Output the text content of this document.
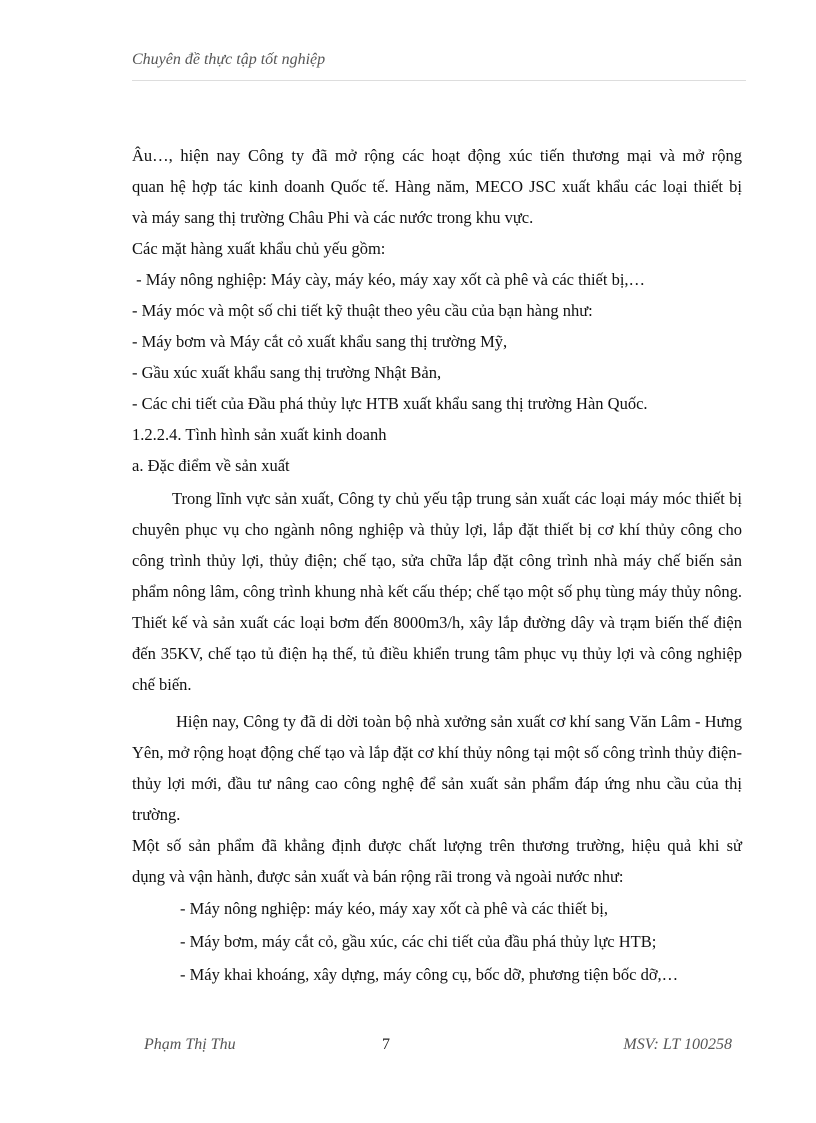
Chuyên đề thực tập tốt nghiệp
Âu…, hiện nay Công ty đã mở rộng các hoạt động xúc tiến thương mại và mở rộng
quan hệ hợp tác kinh doanh Quốc tế. Hàng năm, MECO JSC xuất khẩu các loại thiết bị
và máy sang thị trường Châu Phi và các nước trong khu vực.
Các mặt hàng xuất khẩu chủ yếu gồm:
- Máy nông nghiệp: Máy cày, máy kéo, máy xay xốt cà phê và các thiết bị,…
- Máy móc và một số chi tiết kỹ thuật theo yêu cầu của bạn hàng như:
- Máy bơm và Máy cắt cỏ xuất khẩu sang thị trường Mỹ,
- Gầu xúc xuất khẩu sang thị trường Nhật Bản,
- Các chi tiết của Đầu phá thủy lực HTB xuất khẩu sang thị trường Hàn Quốc.
1.2.2.4. Tình hình sản xuất kinh doanh
a. Đặc điểm về sản xuất
Trong lĩnh vực sản xuất, Công ty chủ yếu tập trung sản xuất các loại máy móc thiết bị
chuyên phục vụ cho ngành nông nghiệp và thủy lợi, lắp đặt thiết bị cơ khí thủy công cho
công trình thủy lợi, thủy điện; chế tạo, sửa chữa lắp đặt công trình nhà máy chế biến sản
phẩm nông lâm, công trình khung nhà kết cấu thép; chế tạo một số phụ tùng máy thủy nông.
Thiết kế và sản xuất các loại bơm đến 8000m3/h, xây lắp đường dây và trạm biến thế điện
đến 35KV, chế tạo tủ điện hạ thế, tủ điều khiển trung tâm phục vụ thủy lợi và công nghiệp
chế biến.
Hiện nay, Công ty đã di dời toàn bộ nhà xưởng sản xuất cơ khí sang Văn Lâm - Hưng
Yên, mở rộng hoạt động chế tạo và lắp đặt cơ khí thủy nông tại một số công trình thủy điện-
thủy lợi mới, đầu tư nâng cao công nghệ để sản xuất sản phẩm đáp ứng nhu cầu của thị
trường.
Một số sản phẩm đã khẳng định được chất lượng trên thương trường, hiệu quả khi sử
dụng và vận hành, được sản xuất và bán rộng rãi trong và ngoài nước như:
- Máy nông nghiệp: máy kéo, máy xay xốt cà phê và các thiết bị,
- Máy bơm, máy cắt cỏ, gầu xúc, các chi tiết của đầu phá thủy lực HTB;
- Máy khai khoáng, xây dựng, máy công cụ, bốc dỡ, phương tiện bốc dỡ,…
Phạm Thị Thu	7	MSV: LT 100258
